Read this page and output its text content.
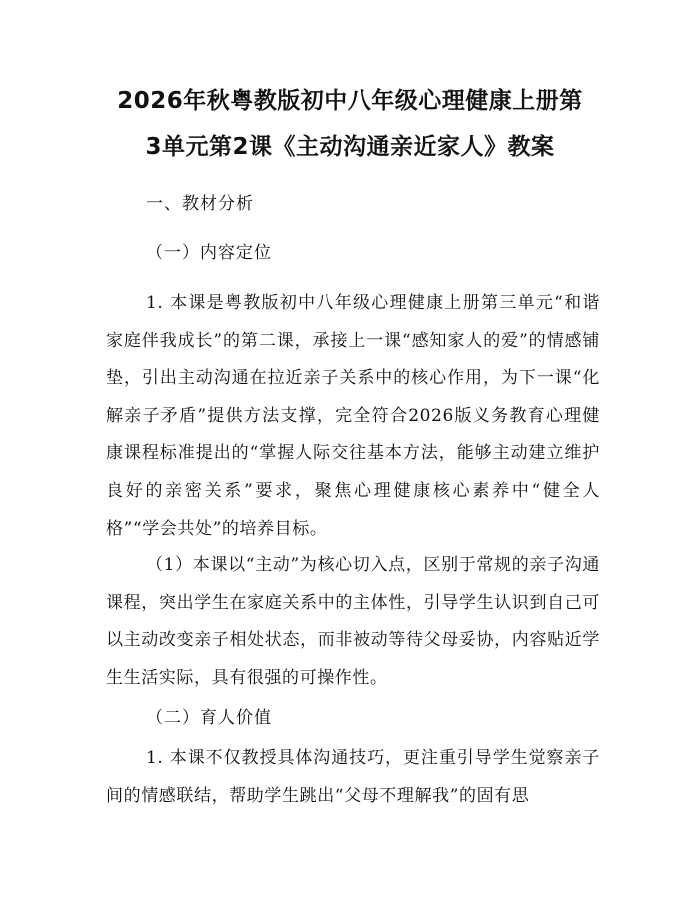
2026年秋粤教版初中八年级心理健康上册第
3单元第2课《主动沟通亲近家人》教案

一、教材分析

（一）内容定位

1. 本课是粤教版初中八年级心理健康上册第三单元“和谐家庭伴我成长”的第二课，承接上一课“感知家人的爱”的情感铺垫，引出主动沟通在拉近亲子关系中的核心作用，为下一课“化解亲子矛盾”提供方法支撑，完全符合2026版义务教育心理健康课程标准提出的“掌握人际交往基本方法，能够主动建立维护良好的亲密关系”要求，聚焦心理健康核心素养中“健全人格”“学会共处”的培养目标。

（1）本课以“主动”为核心切入点，区别于常规的亲子沟通课程，突出学生在家庭关系中的主体性，引导学生认识到自己可以主动改变亲子相处状态，而非被动等待父母妥协，内容贴近学生生活实际，具有很强的可操作性。

（二）育人价值

1. 本课不仅教授具体沟通技巧，更注重引导学生觉察亲子间的情感联结，帮助学生跳出“父母不理解我”的固有思
